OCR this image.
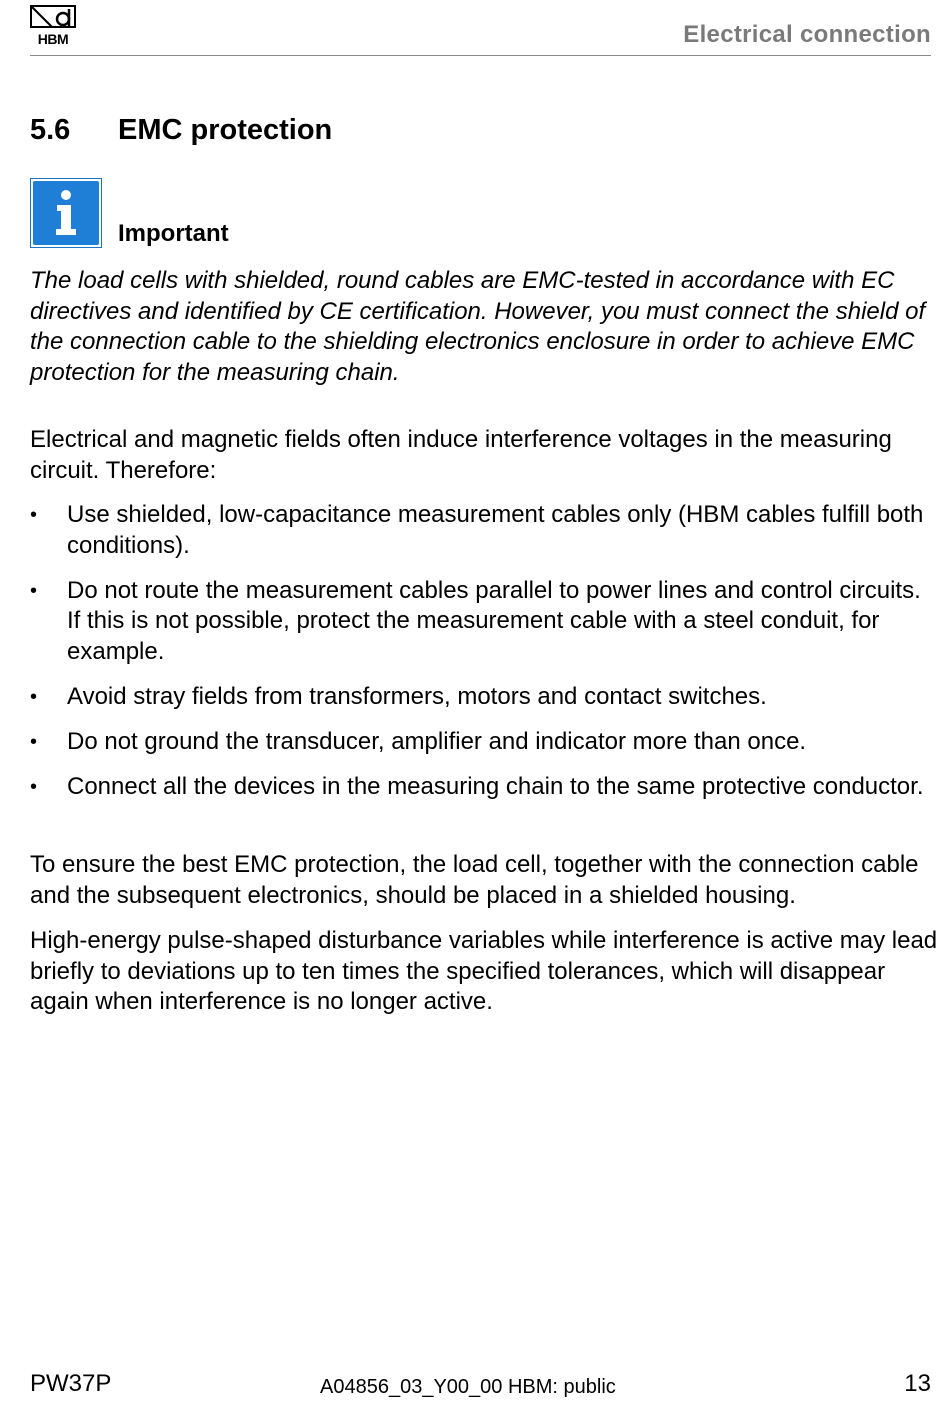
HBM	Electrical connection
5.6 EMC protection
Important

The load cells with shielded, round cables are EMC-tested in accordance with EC directives and identified by CE certification. However, you must connect the shield of the connection cable to the shielding electronics enclosure in order to achieve EMC protection for the measuring chain.

Electrical and magnetic fields often induce interference voltages in the measuring circuit. Therefore:

• Use shielded, low-capacitance measurement cables only (HBM cables fulfill both conditions).
• Do not route the measurement cables parallel to power lines and control circuits. If this is not possible, protect the measurement cable with a steel conduit, for example.
• Avoid stray fields from transformers, motors and contact switches.
• Do not ground the transducer, amplifier and indicator more than once.
• Connect all the devices in the measuring chain to the same protective conductor.

To ensure the best EMC protection, the load cell, together with the connection cable and the subsequent electronics, should be placed in a shielded housing.

High-energy pulse-shaped disturbance variables while interference is active may lead briefly to deviations up to ten times the specified tolerances, which will disappear again when interference is no longer active.

PW37P	A04856_03_Y00_00 HBM: public	13
